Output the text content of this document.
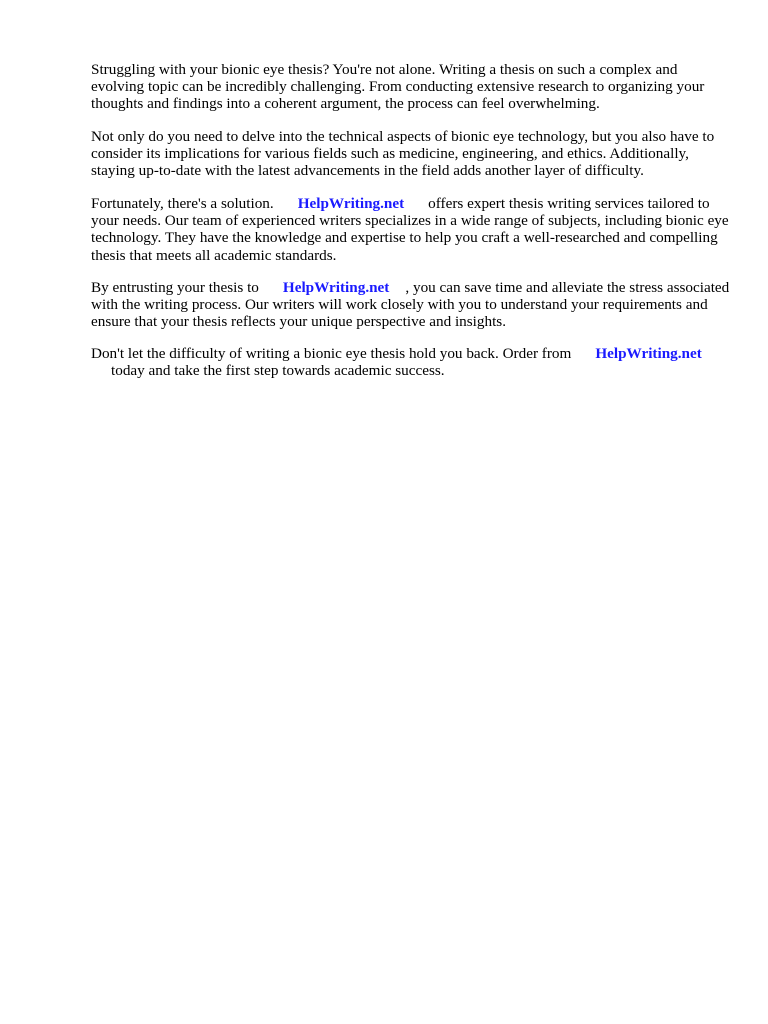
Struggling with your bionic eye thesis? You're not alone. Writing a thesis on such a complex and evolving topic can be incredibly challenging. From conducting extensive research to organizing your thoughts and findings into a coherent argument, the process can feel overwhelming.

Not only do you need to delve into the technical aspects of bionic eye technology, but you also have to consider its implications for various fields such as medicine, engineering, and ethics. Additionally, staying up-to-date with the latest advancements in the field adds another layer of difficulty.

Fortunately, there's a solution. HelpWriting.net offers expert thesis writing services tailored to your needs. Our team of experienced writers specializes in a wide range of subjects, including bionic eye technology. They have the knowledge and expertise to help you craft a well-researched and compelling thesis that meets all academic standards.

By entrusting your thesis to HelpWriting.net , you can save time and alleviate the stress associated with the writing process. Our writers will work closely with you to understand your requirements and ensure that your thesis reflects your unique perspective and insights.

Don't let the difficulty of writing a bionic eye thesis hold you back. Order from HelpWriting.net
today and take the first step towards academic success.
